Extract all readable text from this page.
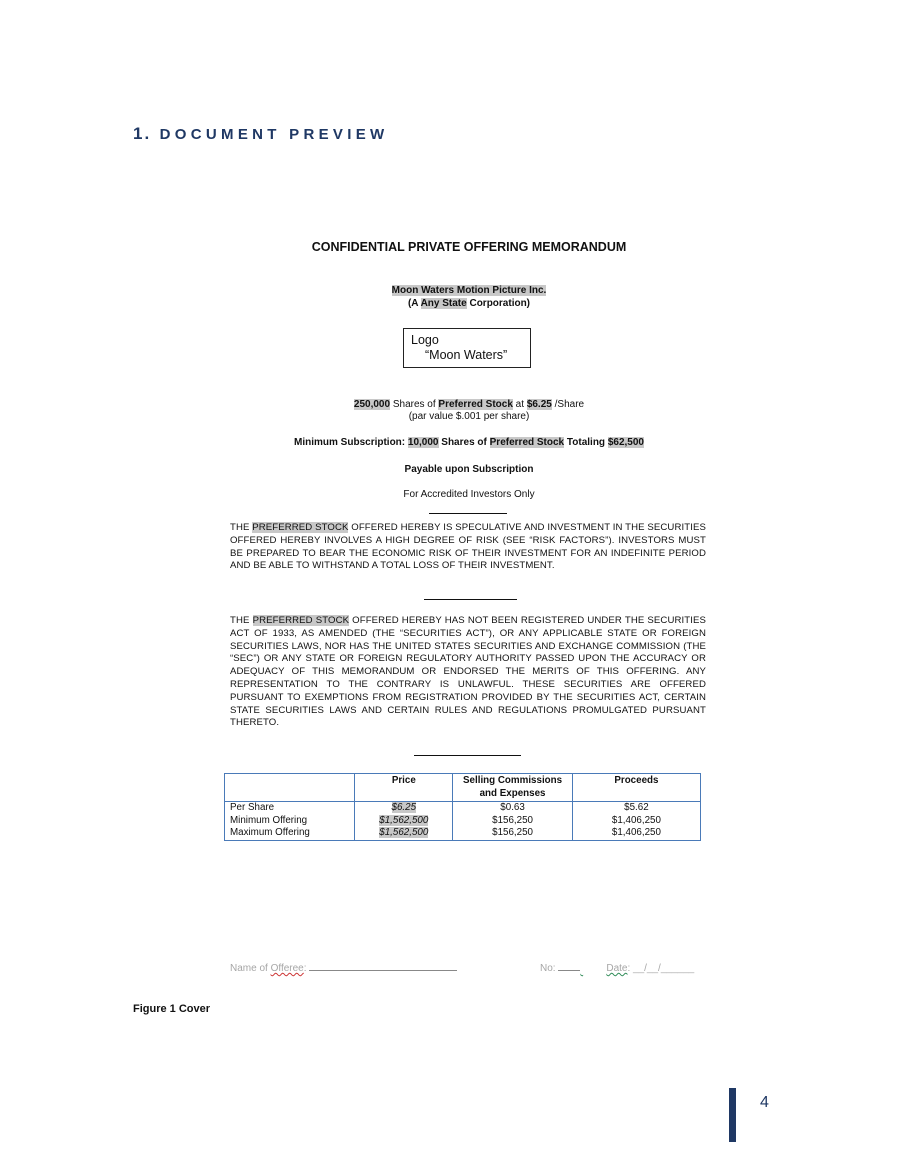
1. DOCUMENT PREVIEW
CONFIDENTIAL PRIVATE OFFERING MEMORANDUM
Moon Waters Motion Picture Inc.
(A Any State Corporation)
Logo
“Moon Waters”
250,000 Shares of Preferred Stock at $6.25 /Share
(par value $.001 per share)
Minimum Subscription: 10,000 Shares of Preferred Stock Totaling $62,500
Payable upon Subscription
For Accredited Investors Only

THE PREFERRED STOCK OFFERED HEREBY IS SPECULATIVE AND INVESTMENT IN THE SECURITIES OFFERED HEREBY INVOLVES A HIGH DEGREE OF RISK (SEE “RISK FACTORS”). INVESTORS MUST BE PREPARED TO BEAR THE ECONOMIC RISK OF THEIR INVESTMENT FOR AN INDEFINITE PERIOD AND BE ABLE TO WITHSTAND A TOTAL LOSS OF THEIR INVESTMENT.

THE PREFERRED STOCK OFFERED HEREBY HAS NOT BEEN REGISTERED UNDER THE SECURITIES ACT OF 1933, AS AMENDED (THE “SECURITIES ACT”), OR ANY APPLICABLE STATE OR FOREIGN SECURITIES LAWS, NOR HAS THE UNITED STATES SECURITIES AND EXCHANGE COMMISSION (THE “SEC”) OR ANY STATE OR FOREIGN REGULATORY AUTHORITY PASSED UPON THE ACCURACY OR ADEQUACY OF THIS MEMORANDUM OR ENDORSED THE MERITS OF THIS OFFERING. ANY REPRESENTATION TO THE CONTRARY IS UNLAWFUL. THESE SECURITIES ARE OFFERED PURSUANT TO EXEMPTIONS FROM REGISTRATION PROVIDED BY THE SECURITIES ACT, CERTAIN STATE SECURITIES LAWS AND CERTAIN RULES AND REGULATIONS PROMULGATED PURSUANT THERETO.

	Price	Selling Commissions and Expenses	Proceeds
Per Share	$6.25	$0.63	$5.62
Minimum Offering	$1,562,500	$156,250	$1,406,250
Maximum Offering	$1,562,500	$156,250	$1,406,250
Name of Offeree:	No:	Date: __/__/______
Figure 1 Cover
4
